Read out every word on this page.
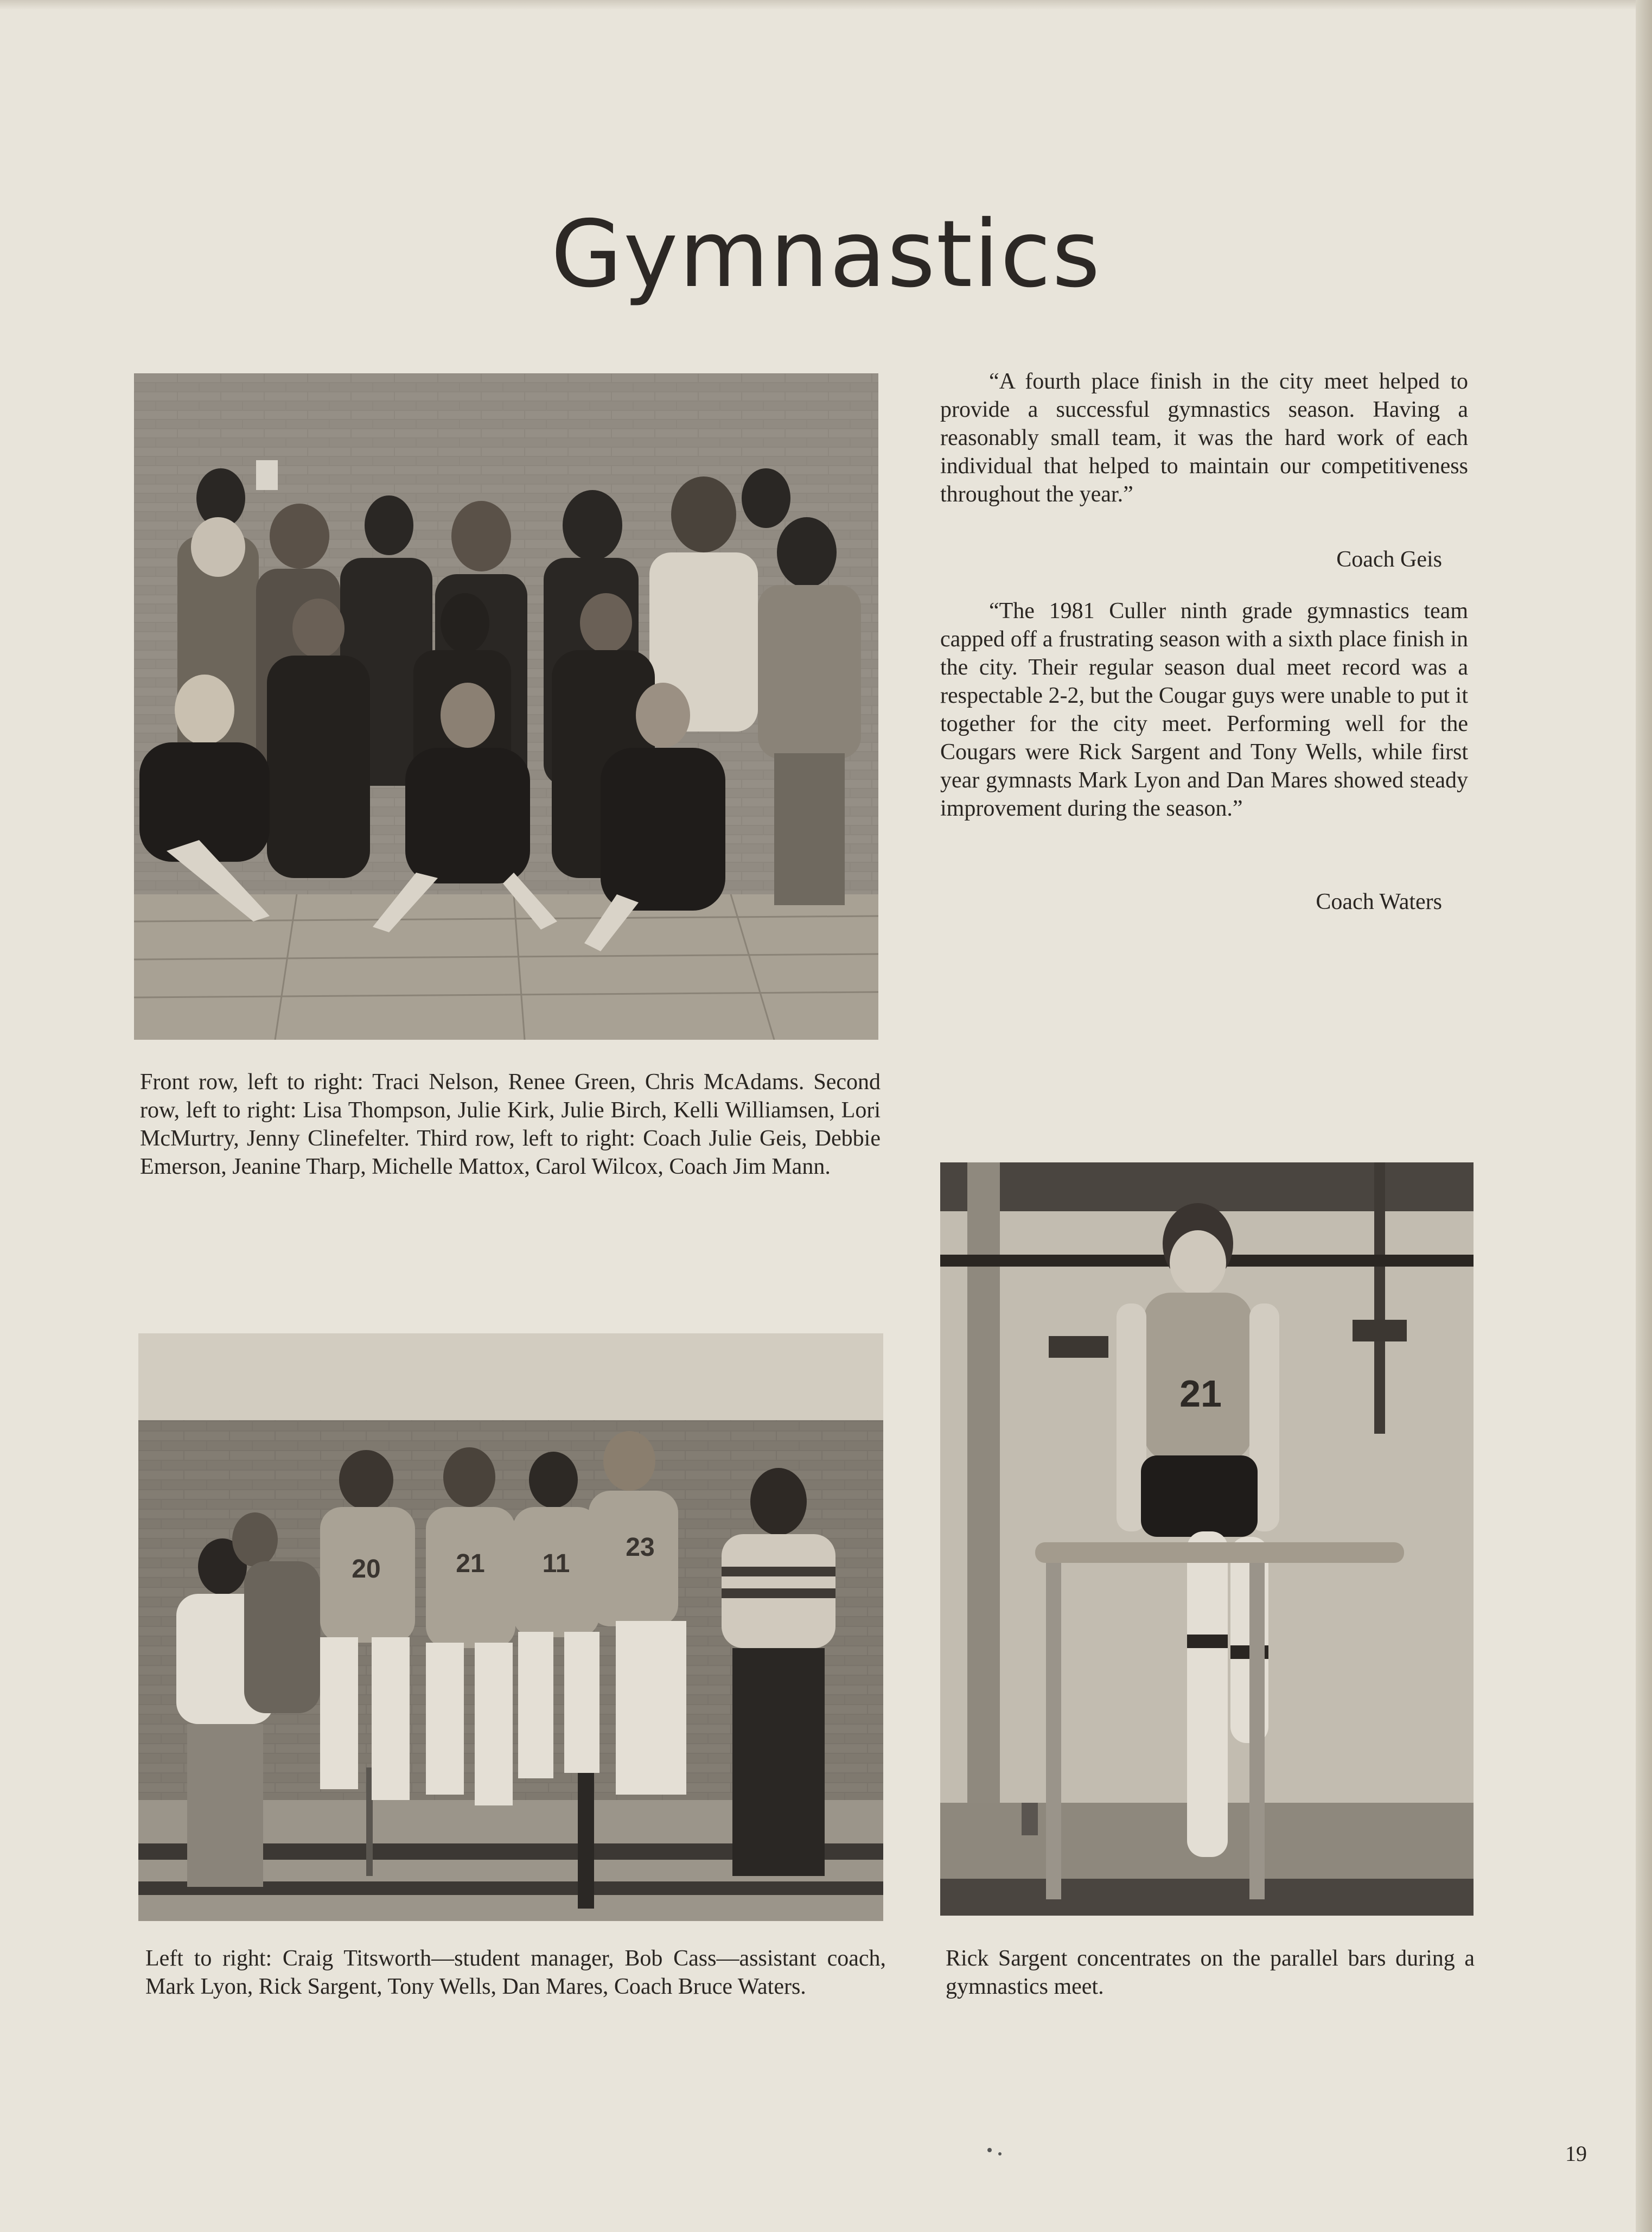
Gymnastics

“A fourth place finish in the city meet helped to provide a successful gymnastics season. Having a reasonably small team, it was the hard work of each individual that helped to maintain our competitiveness throughout the year.”

Coach Geis

“The 1981 Culler ninth grade gymnastics team capped off a frustrating season with a sixth place finish in the city. Their regular season dual meet record was a respectable 2-2, but the Cougar guys were unable to put it together for the city meet. Performing well for the Cougars were Rick Sargent and Tony Wells, while first year gymnasts Mark Lyon and Dan Mares showed steady improvement during the season.”

Coach Waters
Front row, left to right: Traci Nelson, Renee Green, Chris McAdams. Second row, left to right: Lisa Thompson, Julie Kirk, Julie Birch, Kelli Williamsen, Lori McMurtry, Jenny Clinefelter. Third row, left to right: Coach Julie Geis, Debbie Emerson, Jeanine Tharp, Michelle Mattox, Carol Wilcox, Coach Jim Mann.
20	21 11
23
21
Left to right: Craig Titsworth—student manager, Bob Cass—assistant coach, Mark Lyon, Rick Sargent, Tony Wells, Dan Mares, Coach Bruce Waters.
Rick Sargent concentrates on the parallel bars during a gymnastics meet.
19
